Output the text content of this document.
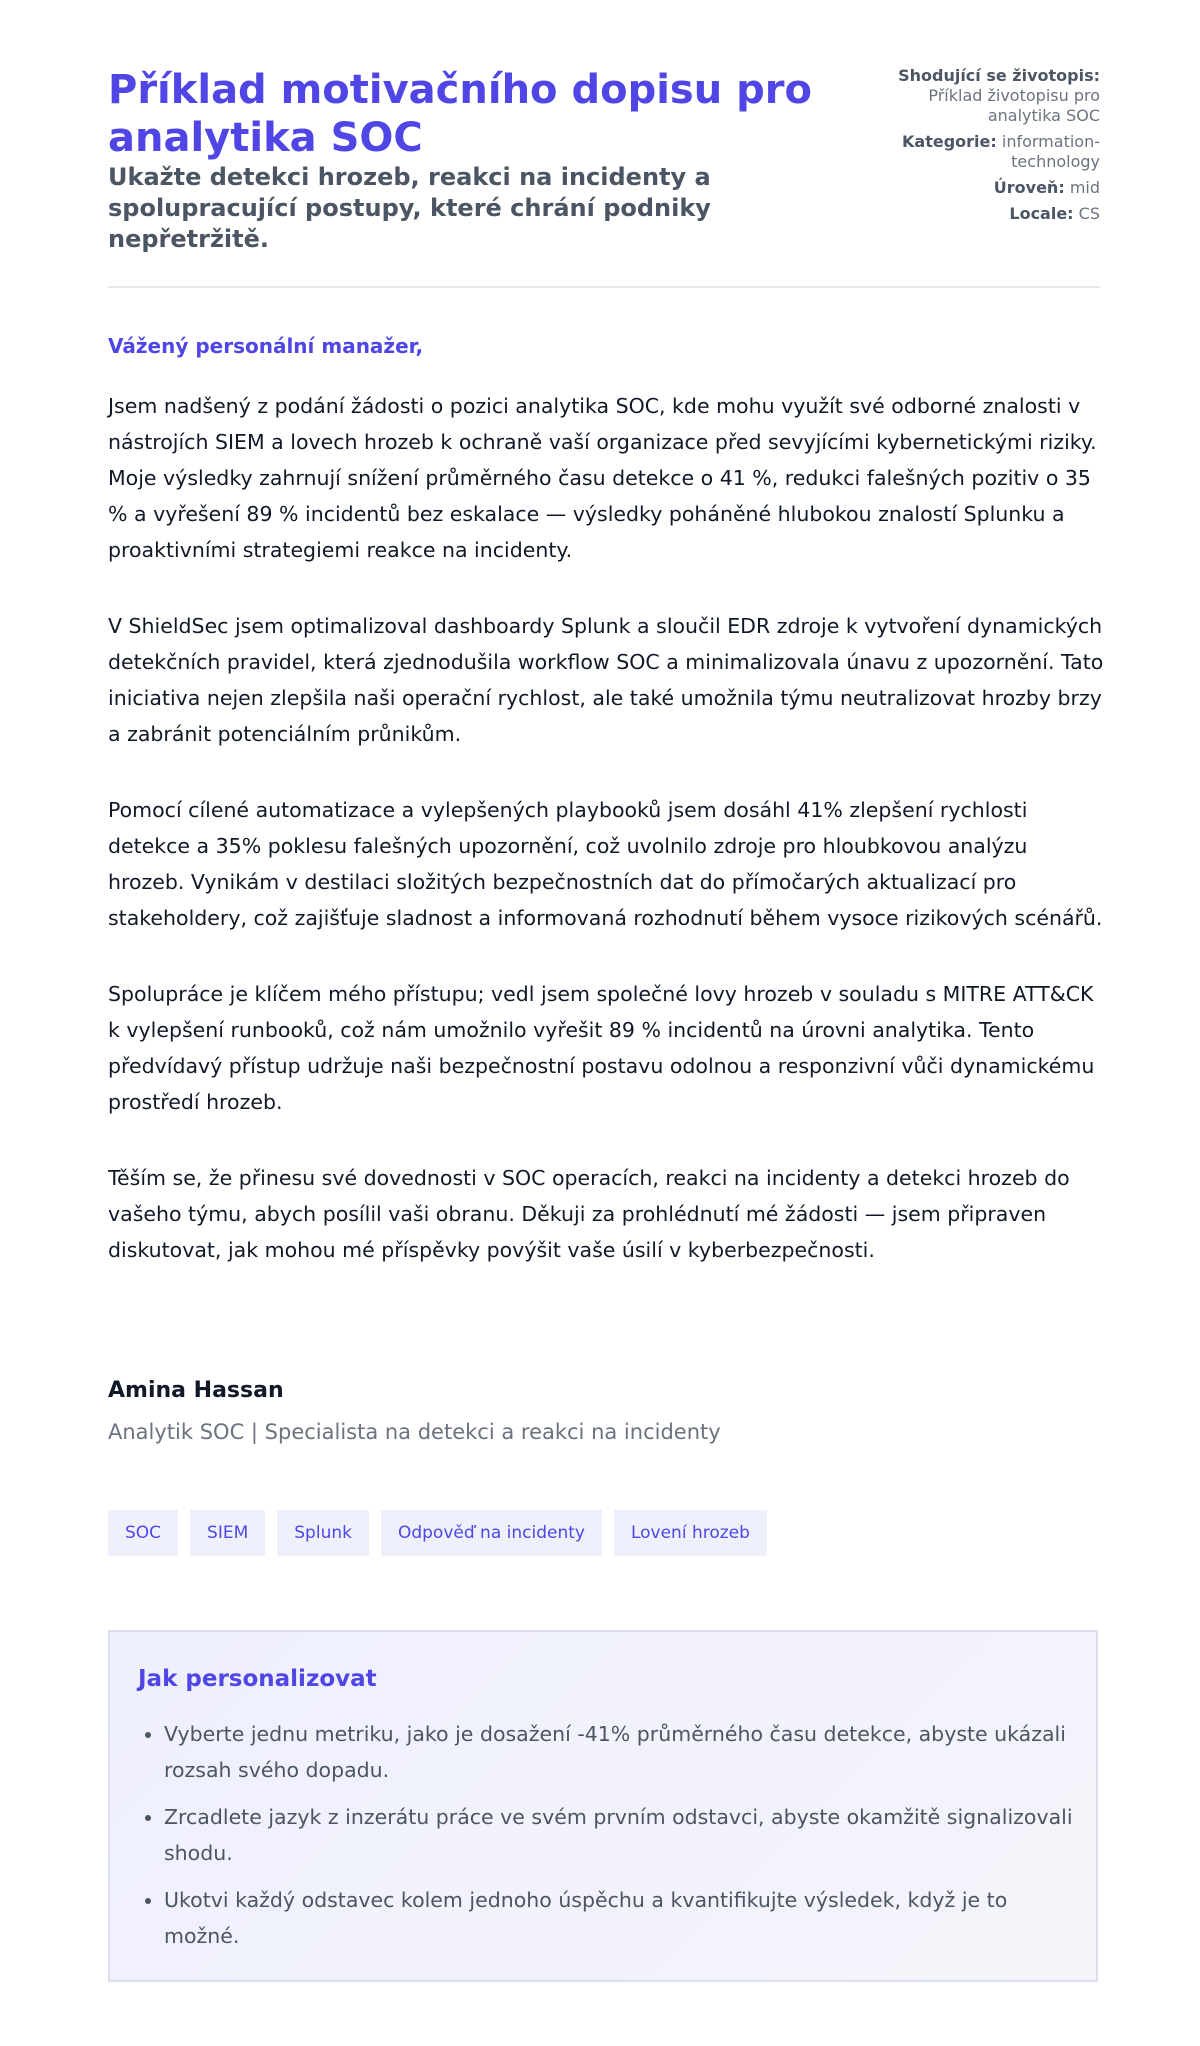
Příklad motivačního dopisu pro analytika SOC
Ukažte detekci hrozeb, reakci na incidenty a spolupracující postupy, které chrání podniky nepřetržitě.
Shodující se životopis:
Příklad životopisu pro analytika SOC
Kategorie: information-technology
Úroveň: mid
Locale: CS
Vážený personální manažer,

Jsem nadšený z podání žádosti o pozici analytika SOC, kde mohu využít své odborné znalosti v nástrojích SIEM a lovech hrozeb k ochraně vaší organizace před sevyjícími kybernetickými riziky. Moje výsledky zahrnují snížení průměrného času detekce o 41 %, redukci falešných pozitiv o 35 % a vyřešení 89 % incidentů bez eskalace — výsledky poháněné hlubokou znalostí Splunku a proaktivními strategiemi reakce na incidenty.

V ShieldSec jsem optimalizoval dashboardy Splunk a sloučil EDR zdroje k vytvoření dynamických detekčních pravidel, která zjednodušila workflow SOC a minimalizovala únavu z upozornění. Tato iniciativa nejen zlepšila naši operační rychlost, ale také umožnila týmu neutralizovat hrozby brzy a zabránit potenciálním průnikům.

Pomocí cílené automatizace a vylepšených playbooků jsem dosáhl 41% zlepšení rychlosti detekce a 35% poklesu falešných upozornění, což uvolnilo zdroje pro hloubkovou analýzu hrozeb. Vynikám v destilaci složitých bezpečnostních dat do přímočarých aktualizací pro stakeholdery, což zajišťuje sladnost a informovaná rozhodnutí během vysoce rizikových scénářů.

Spolupráce je klíčem mého přístupu; vedl jsem společné lovy hrozeb v souladu s MITRE ATT&CK k vylepšení runbooků, což nám umožnilo vyřešit 89 % incidentů na úrovni analytika. Tento předvídavý přístup udržuje naši bezpečnostní postavu odolnou a responzivní vůči dynamickému prostředí hrozeb.

Těším se, že přinesu své dovednosti v SOC operacích, reakci na incidenty a detekci hrozeb do vašeho týmu, abych posílil vaši obranu. Děkuji za prohlédnutí mé žádosti — jsem připraven diskutovat, jak mohou mé příspěvky povýšit vaše úsilí v kyberbezpečnosti.

Amina Hassan
Analytik SOC | Specialista na detekci a reakci na incidenty
SOC	SIEM	Splunk	Odpověď na incidenty	Lovení hrozeb
Jak personalizovat
• Vyberte jednu metriku, jako je dosažení -41% průměrného času detekce, abyste ukázali rozsah svého dopadu.
• Zrcadlete jazyk z inzerátu práce ve svém prvním odstavci, abyste okamžitě signalizovali shodu.
• Ukotvi každý odstavec kolem jednoho úspěchu a kvantifikujte výsledek, když je to možné.
